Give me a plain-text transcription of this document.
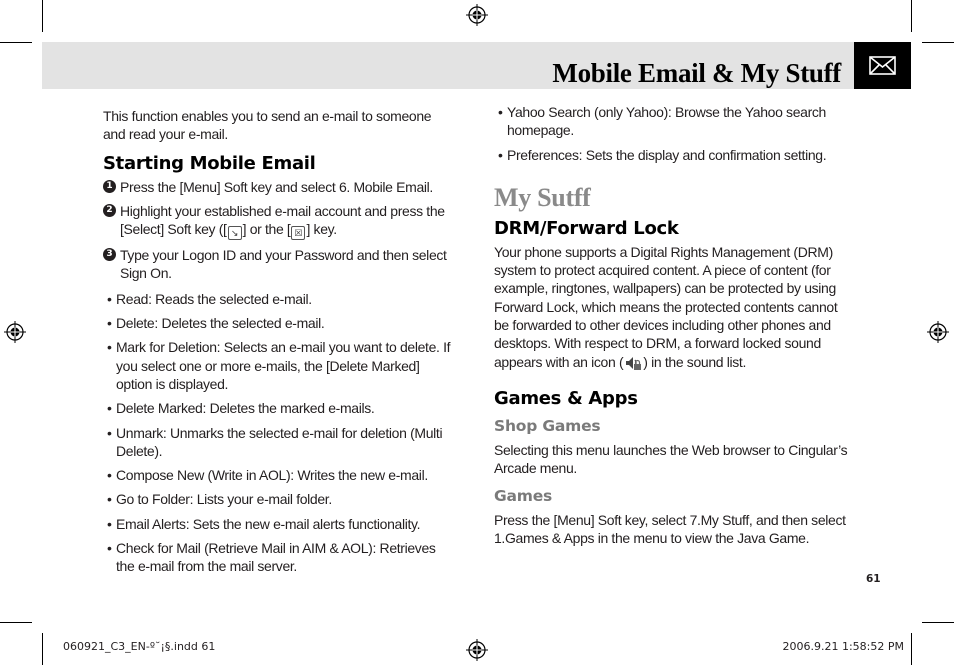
Mobile Email & My Stuff

This function enables you to send an e-mail to someone and read your e-mail.

Starting Mobile Email

1 Press the [Menu] Soft key and select 6. Mobile Email.

2 Highlight your established e-mail account and press the [Select] Soft key ([ ↘ ] or the [ ☒ ] key.

3 Type your Logon ID and your Password and then select Sign On.

• Read: Reads the selected e-mail.

• Delete: Deletes the selected e-mail.

• Mark for Deletion: Selects an e-mail you want to delete. If you select one or more e-mails, the [Delete Marked] option is displayed.

• Delete Marked: Deletes the marked e-mails.

• Unmark: Unmarks the selected e-mail for deletion (Multi Delete).

• Compose New (Write in AOL): Writes the new e-mail.

• Go to Folder: Lists your e-mail folder.

• Email Alerts: Sets the new e-mail alerts functionality.

• Check for Mail (Retrieve Mail in AIM & AOL): Retrieves the e-mail from the mail server.

• Yahoo Search (only Yahoo): Browse the Yahoo search homepage.

• Preferences: Sets the display and confirmation setting.

My Sutff
DRM/Forward Lock

Your phone supports a Digital Rights Management (DRM) system to protect acquired content. A piece of content (for example, ringtones, wallpapers) can be protected by using Forward Lock, which means the protected contents cannot be forwarded to other devices including other phones and desktops. With respect to DRM, a forward locked sound appears with an icon ( ) in the sound list.

Games & Apps
Shop Games

Selecting this menu launches the Web browser to Cingular’s Arcade menu.

Games

Press the [Menu] Soft key, select 7.My Stuff, and then select 1.Games & Apps in the menu to view the Java Game.

61
060921_C3_EN-º˘¡§.indd 61	2006.9.21 1:58:52 PM
